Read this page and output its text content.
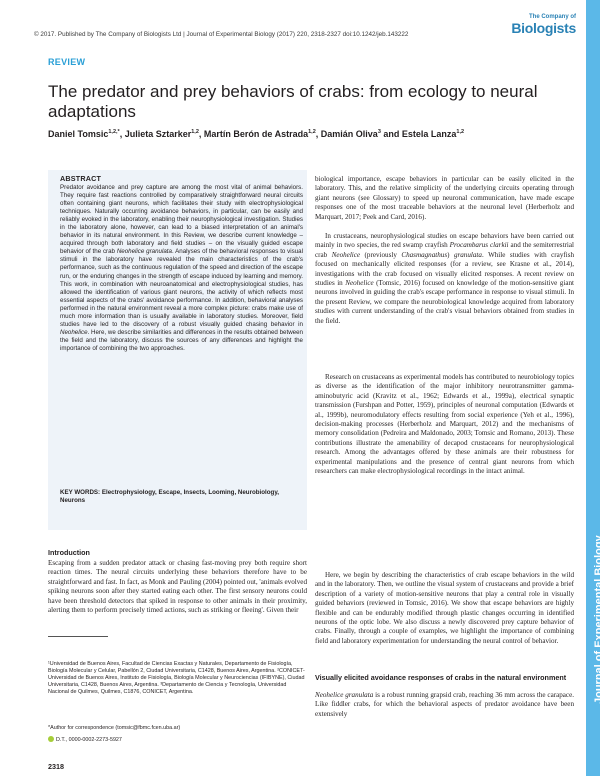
© 2017. Published by The Company of Biologists Ltd | Journal of Experimental Biology (2017) 220, 2318-2327 doi:10.1242/jeb.143222
The Company of
Biologists
Journal of Experimental Biology
REVIEW
The predator and prey behaviors of crabs: from ecology to neural adaptations
Daniel Tomsic$^{1,2,*}$, Julieta Sztarker$^{1,2}$, Martín Berón de Astrada$^{1,2}$, Damián Oliva$^3$ and Estela Lanza$^{1,2}$
ABSTRACT

Predator avoidance and prey capture are among the most vital of animal behaviors. They require fast reactions controlled by comparatively straightforward neural circuits often containing giant neurons, which facilitates their study with electrophysiological techniques. Naturally occurring avoidance behaviors, in particular, can be easily and reliably evoked in the laboratory, enabling their neurophysiological investigation. Studies in the laboratory alone, however, can lead to a biased interpretation of an animal's behavior in its natural environment. In this Review, we describe current knowledge – acquired through both laboratory and field studies – on the visually guided escape behavior of the crab Neohelice granulata. Analyses of the behavioral responses to visual stimuli in the laboratory have revealed the main characteristics of the crab's performance, such as the continuous regulation of the speed and direction of the escape run, or the enduring changes in the strength of escape induced by learning and memory. This work, in combination with neuroanatomical and electrophysiological studies, has allowed the identification of various giant neurons, the activity of which reflects most essential aspects of the crabs' avoidance performance. In addition, behavioral analyses performed in the natural environment reveal a more complex picture: crabs make use of much more information than is usually available in laboratory studies. Moreover, field studies have led to the discovery of a robust visually guided chasing behavior in Neohelice. Here, we describe similarities and differences in the results obtained between the field and the laboratory, discuss the sources of any differences and highlight the importance of combining the two approaches.

KEY WORDS: Electrophysiology, Escape, Insects, Looming, Neurobiology, Neurons

Introduction

Escaping from a sudden predator attack or chasing fast-moving prey both require short reaction times. The neural circuits underlying these behaviors therefore have to be straightforward and fast. In fact, as Monk and Pauling (2004) pointed out, 'animals evolved spiking neurons soon after they started eating each other. The first sensory neurons could have been threshold detectors that spiked in response to other animals in their proximity, alerting them to perform precisely timed actions, such as striking or fleeing'. Given their

¹Universidad de Buenos Aires, Facultad de Ciencias Exactas y Naturales, Departamento de Fisiología, Biología Molecular y Celular, Pabellón 2, Ciudad Universitaria, C1428, Buenos Aires, Argentina. ²CONICET-Universidad de Buenos Aires, Instituto de Fisiología, Biología Molecular y Neurociencias (IFIBYNE), Ciudad Universitaria, C1428, Buenos Aires, Argentina. ³Departamento de Ciencia y Tecnología, Universidad Nacional de Quilmes, Quilmes, C1876, CONICET, Argentina.

*Author for correspondence (tomsic@fbmc.fcen.uba.ar)

D.T., 0000-0002-2273-5927
2318

biological importance, escape behaviors in particular can be easily elicited in the laboratory. This, and the relative simplicity of the underlying circuits operating through giant neurons (see Glossary) to speed up neuronal communication, have made escape responses one of the most traceable behaviors at the neuronal level (Herberholz and Marquart, 2017; Peek and Card, 2016).

In crustaceans, neurophysiological studies on escape behaviors have been carried out mainly in two species, the red swamp crayfish Procambarus clarkii and the semiterrestrial crab Neohelice (previously Chasmagnathus) granulata. While studies with crayfish focused on mechanically elicited responses (for a review, see Krasne et al., 2014), investigations with the crab focused on visually elicited responses. A recent review on studies in Neohelice (Tomsic, 2016) focused on knowledge of the motion-sensitive giant neurons involved in guiding the crab's escape performance in response to visual stimuli. In the present Review, we compare the neurobiological knowledge acquired from laboratory studies with current understanding of the crab's visual behaviors obtained from studies in the field.

Research on crustaceans as experimental models has contributed to neurobiology topics as diverse as the identification of the major inhibitory neurotransmitter gamma-aminobutyric acid (Kravitz et al., 1962; Edwards et al., 1999a), electrical synaptic transmission (Furshpan and Potter, 1959), principles of neuronal computation (Edwards et al., 1999b), neuromodulatory effects resulting from social experience (Yeh et al., 1996), decision-making processes (Herberholz and Marquart, 2012) and the mechanisms of memory consolidation (Pedreira and Maldonado, 2003; Tomsic and Romano, 2013). These contributions illustrate the amenability of decapod crustaceans for neurophysiological research. Among the advantages offered by these animals are their robustness for experimental manipulations and the presence of central giant neurons from which researchers can make electrophysiological recordings in the intact animal.

Here, we begin by describing the characteristics of crab escape behaviors in the wild and in the laboratory. Then, we outline the visual system of crustaceans and provide a brief description of a variety of motion-sensitive neurons that play a central role in visually guided behaviors (reviewed in Tomsic, 2016). We show that escape behaviors are highly flexible and can be endurably modified through plastic changes occurring in identified neurons of the optic lobe. We also discuss a newly discovered prey capture behavior of crabs. Finally, through a couple of examples, we highlight the importance of combining field and laboratory experimentation for understanding the neural control of behavior.

Visually elicited avoidance responses of crabs in the natural environment

Neohelice granulata is a robust running grapsid crab, reaching 36 mm across the carapace. Like fiddler crabs, for which the behavioral aspects of predator avoidance have been extensively
